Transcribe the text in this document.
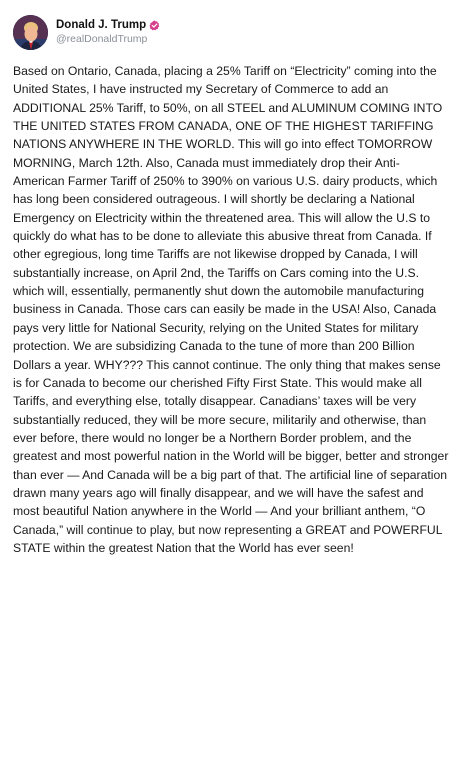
Donald J. Trump
@realDonaldTrump

Based on Ontario, Canada, placing a 25% Tariff on “Electricity” coming into the United States, I have instructed my Secretary of Commerce to add an ADDITIONAL 25% Tariff, to 50%, on all STEEL and ALUMINUM COMING INTO THE UNITED STATES FROM CANADA, ONE OF THE HIGHEST TARIFFING NATIONS ANYWHERE IN THE WORLD. This will go into effect TOMORROW MORNING, March 12th. Also, Canada must immediately drop their Anti-American Farmer Tariff of 250% to 390% on various U.S. dairy products, which has long been considered outrageous. I will shortly be declaring a National Emergency on Electricity within the threatened area. This will allow the U.S to quickly do what has to be done to alleviate this abusive threat from Canada. If other egregious, long time Tariffs are not likewise dropped by Canada, I will substantially increase, on April 2nd, the Tariffs on Cars coming into the U.S. which will, essentially, permanently shut down the automobile manufacturing business in Canada. Those cars can easily be made in the USA! Also, Canada pays very little for National Security, relying on the United States for military protection. We are subsidizing Canada to the tune of more than 200 Billion Dollars a year. WHY??? This cannot continue. The only thing that makes sense is for Canada to become our cherished Fifty First State. This would make all Tariffs, and everything else, totally disappear. Canadians’ taxes will be very substantially reduced, they will be more secure, militarily and otherwise, than ever before, there would no longer be a Northern Border problem, and the greatest and most powerful nation in the World will be bigger, better and stronger than ever — And Canada will be a big part of that. The artificial line of separation drawn many years ago will finally disappear, and we will have the safest and most beautiful Nation anywhere in the World — And your brilliant anthem, “O Canada,” will continue to play, but now representing a GREAT and POWERFUL STATE within the greatest Nation that the World has ever seen!
